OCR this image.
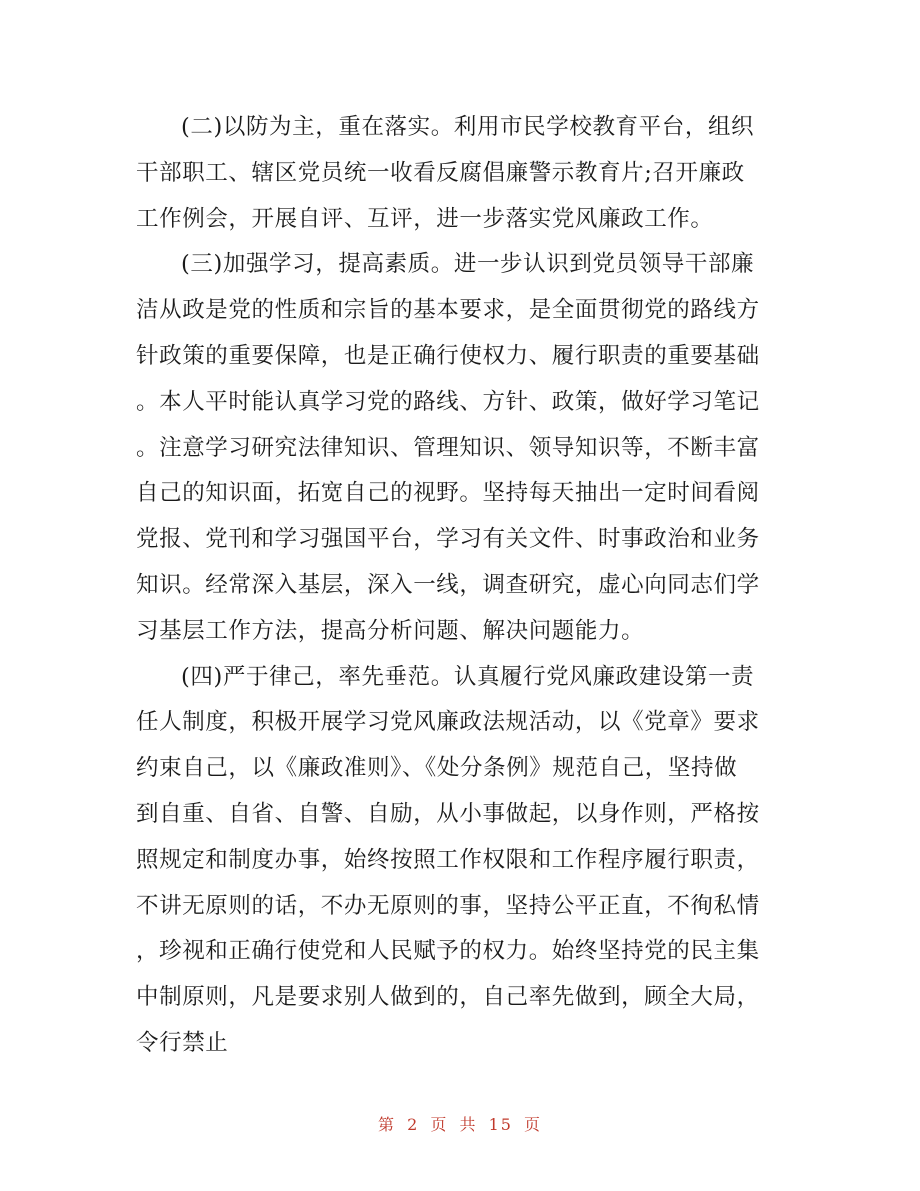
(二)以防为主，重在落实。利用市民学校教育平台，组织
干部职工、辖区党员统一收看反腐倡廉警示教育片;召开廉政
工作例会，开展自评、互评，进一步落实党风廉政工作。
(三)加强学习，提高素质。进一步认识到党员领导干部廉
洁从政是党的性质和宗旨的基本要求，是全面贯彻党的路线方
针政策的重要保障，也是正确行使权力、履行职责的重要基础
。本人平时能认真学习党的路线、方针、政策，做好学习笔记
。注意学习研究法律知识、管理知识、领导知识等，不断丰富
自己的知识面，拓宽自己的视野。坚持每天抽出一定时间看阅
党报、党刊和学习强国平台，学习有关文件、时事政治和业务
知识。经常深入基层，深入一线，调查研究，虚心向同志们学
习基层工作方法，提高分析问题、解决问题能力。
(四)严于律己，率先垂范。认真履行党风廉政建设第一责
任人制度，积极开展学习党风廉政法规活动，以《党章》要求
约束自己，以《廉政准则》、《处分条例》规范自己，坚持做
到自重、自省、自警、自励，从小事做起，以身作则，严格按
照规定和制度办事，始终按照工作权限和工作程序履行职责，
不讲无原则的话，不办无原则的事，坚持公平正直，不徇私情
，珍视和正确行使党和人民赋予的权力。始终坚持党的民主集
中制原则，凡是要求别人做到的，自己率先做到，顾全大局，
令行禁止
第 2 页 共 15 页
